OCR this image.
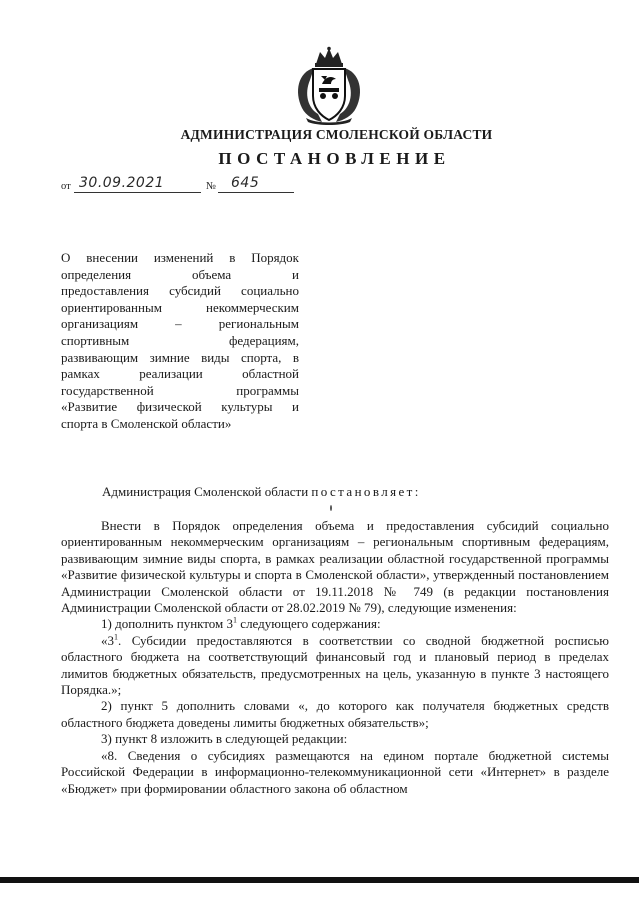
АДМИНИСТРАЦИЯ СМОЛЕНСКОЙ ОБЛАСТИ
ПОСТАНОВЛЕНИЕ
от 30.09.2021	№ 645
О внесении изменений в Порядок
определения объема и
предоставления субсидий социально
ориентированным некоммерческим
организациям – региональным
спортивным федерациям,
развивающим зимние виды спорта, в
рамках реализации областной
государственной программы
«Развитие физической культуры и
спорта в Смоленской области»
Администрация Смоленской области постановляет:

Внести в Порядок определения объема и предоставления субсидий социально ориентированным некоммерческим организациям – региональным спортивным федерациям, развивающим зимние виды спорта, в рамках реализации областной государственной программы «Развитие физической культуры и спорта в Смоленской области», утвержденный постановлением Администрации Смоленской области от 19.11.2018 № 749 (в редакции постановления Администрации Смоленской области от 28.02.2019 № 79), следующие изменения:

1) дополнить пунктом $3^1$ следующего содержания:

«$3^1$. Субсидии предоставляются в соответствии со сводной бюджетной росписью областного бюджета на соответствующий финансовый год и плановый период в пределах лимитов бюджетных обязательств, предусмотренных на цель, указанную в пункте 3 настоящего Порядка.»;

2) пункт 5 дополнить словами «, до которого как получателя бюджетных средств областного бюджета доведены лимиты бюджетных обязательств»;

3) пункт 8 изложить в следующей редакции:

«8. Сведения о субсидиях размещаются на едином портале бюджетной системы Российской Федерации в информационно-телекоммуникационной сети «Интернет» в разделе «Бюджет» при формировании областного закона об областном
